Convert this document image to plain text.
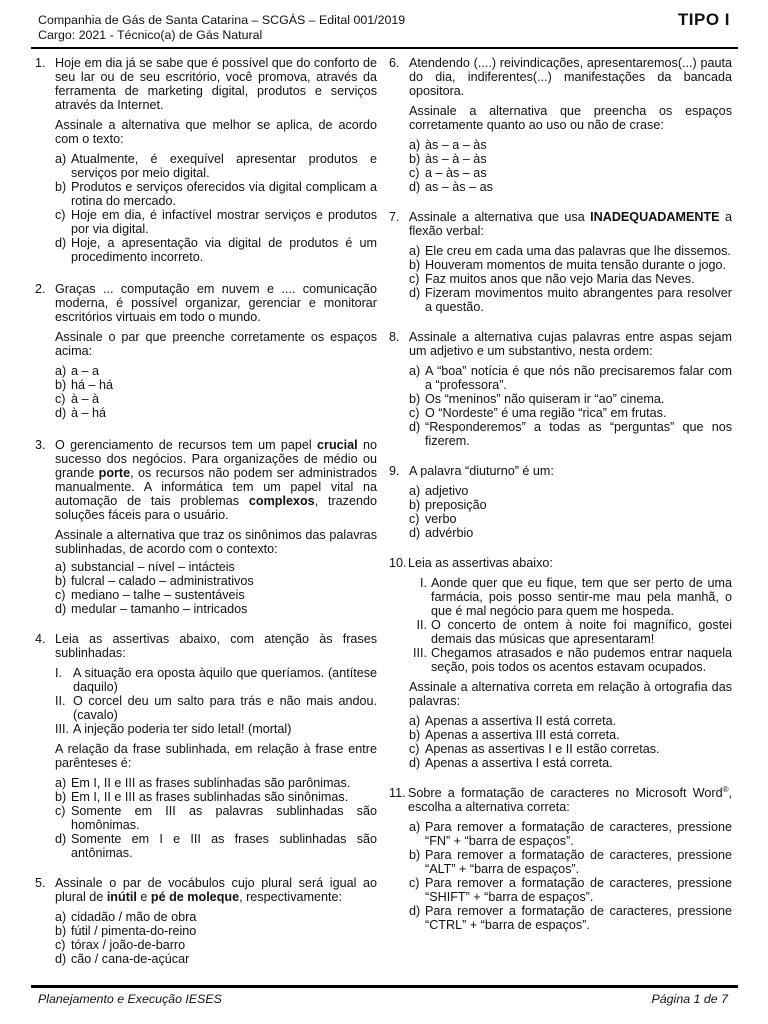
Companhia de Gás de Santa Catarina – SCGÁS – Edital 001/2019
Cargo: 2021 - Técnico(a) de Gás Natural
TIPO I
1. Hoje em dia já se sabe que é possível que do conforto de seu lar ou de seu escritório, você promova, através da ferramenta de marketing digital, produtos e serviços através da Internet.
Assinale a alternativa que melhor se aplica, de acordo com o texto:
a) Atualmente, é exequível apresentar produtos e serviços por meio digital.
b) Produtos e serviços oferecidos via digital complicam a rotina do mercado.
c) Hoje em dia, é infactível mostrar serviços e produtos por via digital.
d) Hoje, a apresentação via digital de produtos é um procedimento incorreto.
2. Graças ... computação em nuvem e .... comunicação moderna, é possível organizar, gerenciar e monitorar escritórios virtuais em todo o mundo.
Assinale o par que preenche corretamente os espaços acima:
a) a – a
b) há – há
c) à – à
d) à – há
3. O gerenciamento de recursos tem um papel crucial no sucesso dos negócios. Para organizações de médio ou grande porte, os recursos não podem ser administrados manualmente. A informática tem um papel vital na automação de tais problemas complexos, trazendo soluções fáceis para o usuário.
Assinale a alternativa que traz os sinônimos das palavras sublinhadas, de acordo com o contexto:
a) substancial – nível – intácteis
b) fulcral – calado – administrativos
c) mediano – talhe – sustentáveis
d) medular – tamanho – intricados
4. Leia as assertivas abaixo, com atenção às frases sublinhadas:
I. A situação era oposta àquilo que queríamos. (antítese daquilo)
II. O corcel deu um salto para trás e não mais andou. (cavalo)
III. A injeção poderia ter sido letal! (mortal)
A relação da frase sublinhada, em relação à frase entre parênteses é:
a) Em I, II e III as frases sublinhadas são parônimas.
b) Em I, II e III as frases sublinhadas são sinônimas.
c) Somente em III as palavras sublinhadas são homônimas.
d) Somente em I e III as frases sublinhadas são antônimas.
5. Assinale o par de vocábulos cujo plural será igual ao plural de inútil e pé de moleque, respectivamente:
a) cidadão / mão de obra
b) fútil / pimenta-do-reino
c) tórax / joão-de-barro
d) cão / cana-de-açúcar
6. Atendendo (....) reivindicações, apresentaremos(...) pauta do dia, indiferentes(...) manifestações da bancada opositora.
Assinale a alternativa que preencha os espaços corretamente quanto ao uso ou não de crase:
a) às – a – às
b) às – à – às
c) a – às – as
d) as – às – as
7. Assinale a alternativa que usa INADEQUADAMENTE a flexão verbal:
a) Ele creu em cada uma das palavras que lhe dissemos.
b) Houveram momentos de muita tensão durante o jogo.
c) Faz muitos anos que não vejo Maria das Neves.
d) Fizeram movimentos muito abrangentes para resolver a questão.
8. Assinale a alternativa cujas palavras entre aspas sejam um adjetivo e um substantivo, nesta ordem:
a) A “boa” notícia é que nós não precisaremos falar com a “professora”.
b) Os “meninos” não quiseram ir “ao” cinema.
c) O “Nordeste” é uma região “rica” em frutas.
d) “Responderemos” a todas as “perguntas” que nos fizerem.
9. A palavra “diuturno” é um:
a) adjetivo
b) preposição
c) verbo
d) advérbio
10. Leia as assertivas abaixo:
I. Aonde quer que eu fique, tem que ser perto de uma farmácia, pois posso sentir-me mau pela manhã, o que é mal negócio para quem me hospeda.
II. O concerto de ontem à noite foi magnífico, gostei demais das músicas que apresentaram!
III. Chegamos atrasados e não pudemos entrar naquela seção, pois todos os acentos estavam ocupados.
Assinale a alternativa correta em relação à ortografia das palavras:
a) Apenas a assertiva II está correta.
b) Apenas a assertiva III está correta.
c) Apenas as assertivas I e II estão corretas.
d) Apenas a assertiva I está correta.
11. Sobre a formatação de caracteres no Microsoft Word®, escolha a alternativa correta:
a) Para remover a formatação de caracteres, pressione “FN” + “barra de espaços”.
b) Para remover a formatação de caracteres, pressione “ALT” + “barra de espaços”.
c) Para remover a formatação de caracteres, pressione “SHIFT” + “barra de espaços”.
d) Para remover a formatação de caracteres, pressione “CTRL” + “barra de espaços”.
Planejamento e Execução IESES	Página 1 de 7
